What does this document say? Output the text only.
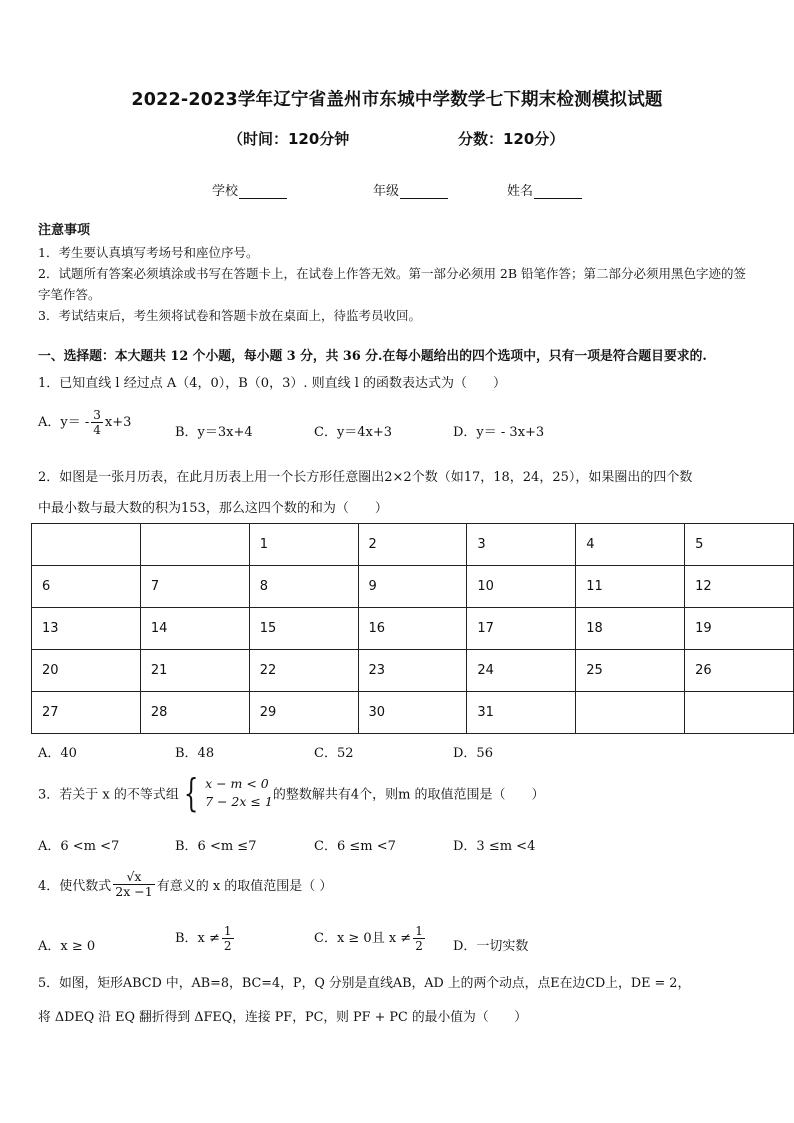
2022-2023学年辽宁省盖州市东城中学数学七下期末检测模拟试题
（时间：120分钟	分数：120分）
学校	年级	姓名
注意事项
1．考生要认真填写考场号和座位序号。
2．试题所有答案必须填涂或书写在答题卡上，在试卷上作答无效。第一部分必须用 2B 铅笔作答；第二部分必须用黑色字迹的签字笔作答。
3．考试结束后，考生须将试卷和答题卡放在桌面上，待监考员收回。
一、选择题：本大题共 12 个小题，每小题 3 分，共 36 分.在每小题给出的四个选项中，只有一项是符合题目要求的.
1．已知直线 l 经过点 A（4，0），B（0，3）. 则直线 l 的函数表达式为（　　）
A．$y= - \frac{3}{4} x+3$
B．y＝3x+4	C．y＝4x+3	D．y＝ - 3x+3
2．如图是一张月历表，在此月历表上用一个长方形任意圈出2×2个数（如17，18，24，25），如果圈出的四个数
中最小数与最大数的积为153，那么这四个数的和为（　　）
		1	2	3	4	5
6	7	8	9	10	11	12
13	14	15	16	17	18	19
20	21	22	23	24	25	26
27	28	29	30	31		
A．40	B．48	C．52	D．56
3．若关于 x 的不等式组 { x − m < 0
7 − 2x ≤ 1 的整数解共有4个，则m 的取值范围是（　　）
A．6 <m <7	B．6 <m ≤7	C．6 ≤m <7	D．3 ≤m <4
4．使代数式 $\frac{√x}{2x -1}$ 有意义的 x 的取值范围是（ ）
A．x ≥ 0
B．$x \ne \frac{1}{2}$	C．x ≥ 0且 $x \ne \frac{1}{2}$ D．一切实数
5．如图，矩形ABCD 中，AB=8，BC=4，P，Q 分别是直线AB，AD 上的两个动点，点E在边CD上，DE = 2，
将 ΔDEQ 沿 EQ 翻折得到 ΔFEQ，连接 PF，PC，则 PF + PC 的最小值为（　　）
